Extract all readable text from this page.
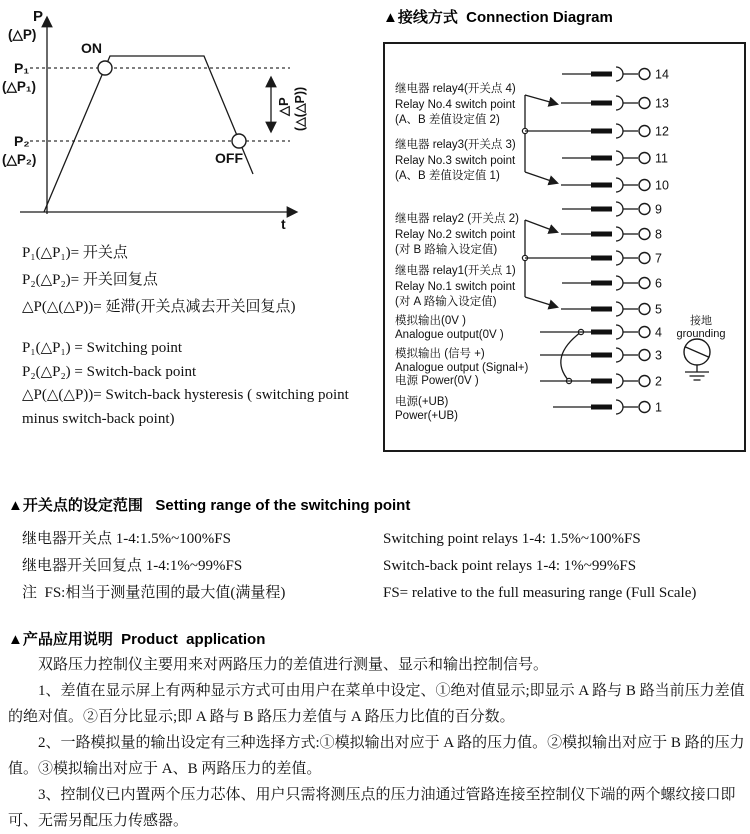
P
(△P)
P₁
(△P₁)
P₂
(△P₂)
ON
OFF
t
△P (△(△P))
▲接线方式  Connection Diagram
继电器 relay4(开关点 4)
Relay No.4 switch point
(A、B 差值设定值 2)
继电器 relay3(开关点 3)
Relay No.3 switch point
(A、B 差值设定值 1)
继电器 relay2 (开关点 2)
Relay No.2 switch point
(对 B 路输入设定值)
继电器 relay1(开关点 1)
Relay No.1 switch point
(对 A 路输入设定值)
模拟输出(0V )
Analogue output(0V )
模拟输出 (信号 +)
Analogue output (Signal+)
电源 Power(0V )
电源(+UB)
Power(+UB)
接地
grounding
14
13
12
11
10
9
8
7
6
5
4
3
2
1
P₁(△P₁)= 开关点
P₂(△P₂)= 开关回复点
△P(△(△P))= 延滞(开关点减去开关回复点)
P₁(△P₁) = Switching point
P₂(△P₂) = Switch-back point
△P(△(△P))= Switch-back hysteresis ( switching point minus switch-back point)
▲开关点的设定范围   Setting range of the switching point
继电器开关点 1-4:1.5%~100%FS
继电器开关回复点 1-4:1%~99%FS
注  FS:相当于测量范围的最大值(满量程)
Switching point relays 1-4: 1.5%~100%FS
Switch-back point relays 1-4: 1%~99%FS
FS= relative to the full measuring range (Full Scale)
▲产品应用说明  Product  application

双路压力控制仪主要用来对两路压力的差值进行测量、显示和输出控制信号。

1、差值在显示屏上有两种显示方式可由用户在菜单中设定、①绝对值显示;即显示 A 路与 B 路当前压力差值的绝对值。②百分比显示;即 A 路与 B 路压力差值与 A 路压力比值的百分数。

2、一路模拟量的输出设定有三种选择方式:①模拟输出对应于 A 路的压力值。②模拟输出对应于 B 路的压力值。③模拟输出对应于 A、B 两路压力的差值。

3、控制仪已内置两个压力芯体、用户只需将测压点的压力油通过管路连接至控制仪下端的两个螺纹接口即可、无需另配压力传感器。
